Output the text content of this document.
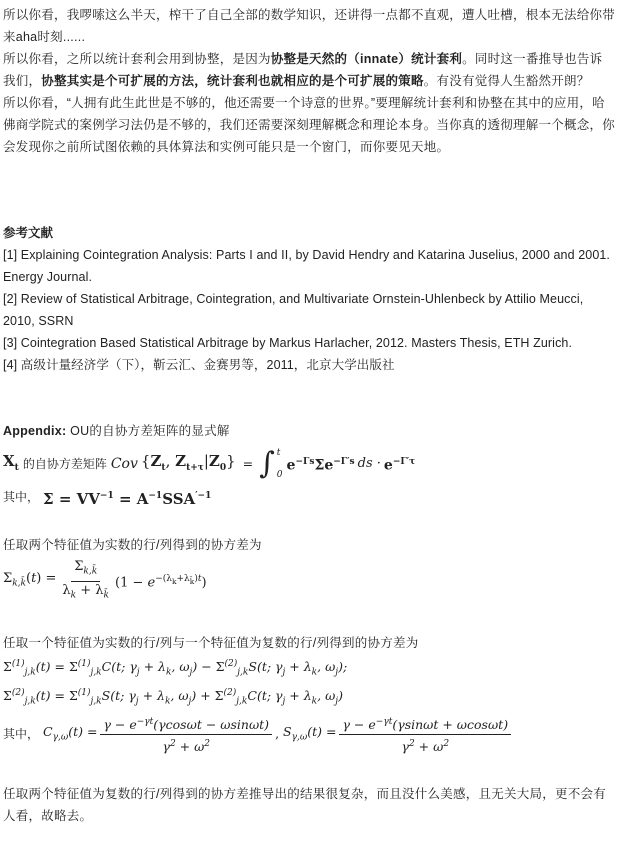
所以你看，我啰嗦这么半天，榨干了自己全部的数学知识，还讲得一点都不直观，遭人吐槽，根本无法给你带来aha时刻......

所以你看，之所以统计套利会用到协整，是因为协整是天然的（innate）统计套利。同时这一番推导也告诉我们，协整其实是个可扩展的方法，统计套利也就相应的是个可扩展的策略。有没有觉得人生豁然开朗？

所以你看，“人拥有此生此世是不够的，他还需要一个诗意的世界。”要理解统计套利和协整在其中的应用，哈佛商学院式的案例学习法仍是不够的，我们还需要深刻理解概念和理论本身。当你真的透彻理解一个概念，你会发现你之前所试图依赖的具体算法和实例可能只是一个窗门，而你要见天地。

参考文献

[1] Explaining Cointegration Analysis: Parts I and II, by David Hendry and Katarina Juselius, 2000 and 2001. Energy Journal.

[2] Review of Statistical Arbitrage, Cointegration, and Multivariate Ornstein-Uhlenbeck by Attilio Meucci, 2010, SSRN

[3] Cointegration Based Statistical Arbitrage by Markus Harlacher, 2012. Masters Thesis, ETH Zurich.

[4] 高级计量经济学（下），靳云汇、金赛男等，2011，北京大学出版社

Appendix: OU的自协方差矩阵的显式解

$X_t$ 的自协方差矩阵 Cov {$Z_t$, $Z_{t+\tau}|Z_0$} = ∫ t
0
$e^{-\Gamma s}\Sigma e^{-\Gamma's}$ ds · $e^{-\Gamma'\tau}$
其中， $\Sigma = VV^{-1} = A^{-1}SSA^{'-1}$

任取两个特征值为实数的行/列得到的协方差为

$\Sigma_{k,k̄}(t) = \frac{\Sigma_{k,k̄}}{\lambda_k + \lambda_{k̄}} (1 - e^{-(\lambda_k+\lambda_{k̄})t})$

任取一个特征值为实数的行/列与一个特征值为复数的行/列得到的协方差为

$\Sigma^{(1)}_{j,k}(t) = \Sigma^{(1)}_{j,k}C(t$; $\gamma_j + \lambda_k$, $\omega_j) - \Sigma^{(2)}_{j,k}S(t$; $\gamma_j + \lambda_k$, $\omega_j$);
$\Sigma^{(2)}_{j,k}(t) = \Sigma^{(1)}_{j,k}S(t$; $\gamma_j + \lambda_k$, $\omega_j) + \Sigma^{(2)}_{j,k}C(t$; $\gamma_j + \lambda_k$, $\omega_j$)
其中， $C_{\gamma,\omega}(t) = \frac{\gamma - e^{-\gamma t}(\gamma\cos\omega t - \omega\sin\omega t)}{\gamma^2 + \omega^2}$ , $S_{\gamma,\omega}(t) = \frac{\gamma - e^{-\gamma t}(\gamma\sin\omega t + \omega\cos\omega t)}{\gamma^2 + \omega^2}$

任取两个特征值为复数的行/列得到的协方差推导出的结果很复杂，而且没什么美感，且无关大局，更不会有人看，故略去。
